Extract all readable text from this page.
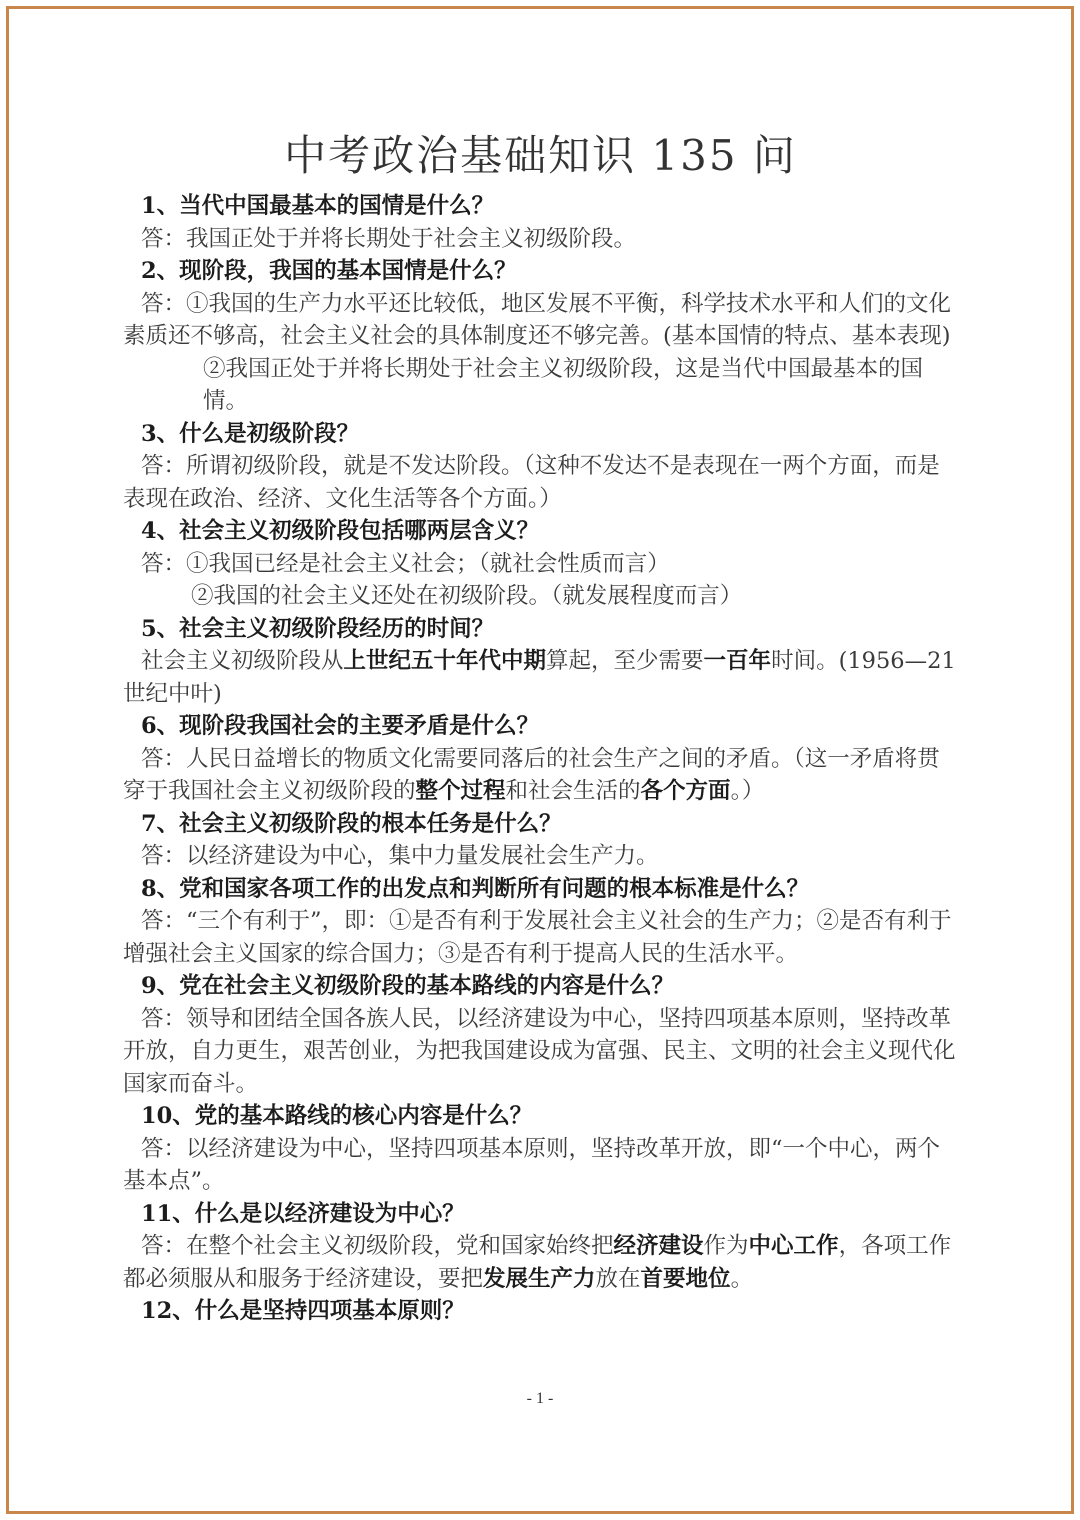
中考政治基础知识 135 问

1、当代中国最基本的国情是什么？

答：我国正处于并将长期处于社会主义初级阶段。

2、现阶段，我国的基本国情是什么？

答：①我国的生产力水平还比较低，地区发展不平衡，科学技术水平和人们的文化素质还不够高，社会主义社会的具体制度还不够完善。(基本国情的特点、基本表现)

②我国正处于并将长期处于社会主义初级阶段，这是当代中国最基本的国情。

3、什么是初级阶段？

答：所谓初级阶段，就是不发达阶段。（这种不发达不是表现在一两个方面，而是表现在政治、经济、文化生活等各个方面。）

4、社会主义初级阶段包括哪两层含义？

答：①我国已经是社会主义社会；（就社会性质而言）

②我国的社会主义还处在初级阶段。（就发展程度而言）

5、社会主义初级阶段经历的时间？

社会主义初级阶段从上世纪五十年代中期算起，至少需要一百年时间。(1956—21 世纪中叶)

6、现阶段我国社会的主要矛盾是什么？

答：人民日益增长的物质文化需要同落后的社会生产之间的矛盾。（这一矛盾将贯穿于我国社会主义初级阶段的整个过程和社会生活的各个方面。）

7、社会主义初级阶段的根本任务是什么？

答：以经济建设为中心，集中力量发展社会生产力。

8、党和国家各项工作的出发点和判断所有问题的根本标准是什么？

答：“三个有利于”，即：①是否有利于发展社会主义社会的生产力；②是否有利于增强社会主义国家的综合国力；③是否有利于提高人民的生活水平。

9、党在社会主义初级阶段的基本路线的内容是什么？

答：领导和团结全国各族人民，以经济建设为中心，坚持四项基本原则，坚持改革开放，自力更生，艰苦创业，为把我国建设成为富强、民主、文明的社会主义现代化国家而奋斗。

10、党的基本路线的核心内容是什么？

答：以经济建设为中心，坚持四项基本原则，坚持改革开放，即“一个中心，两个基本点”。

11、什么是以经济建设为中心？

答：在整个社会主义初级阶段，党和国家始终把经济建设作为中心工作，各项工作都必须服从和服务于经济建设，要把发展生产力放在首要地位。

12、什么是坚持四项基本原则？

- 1 -
